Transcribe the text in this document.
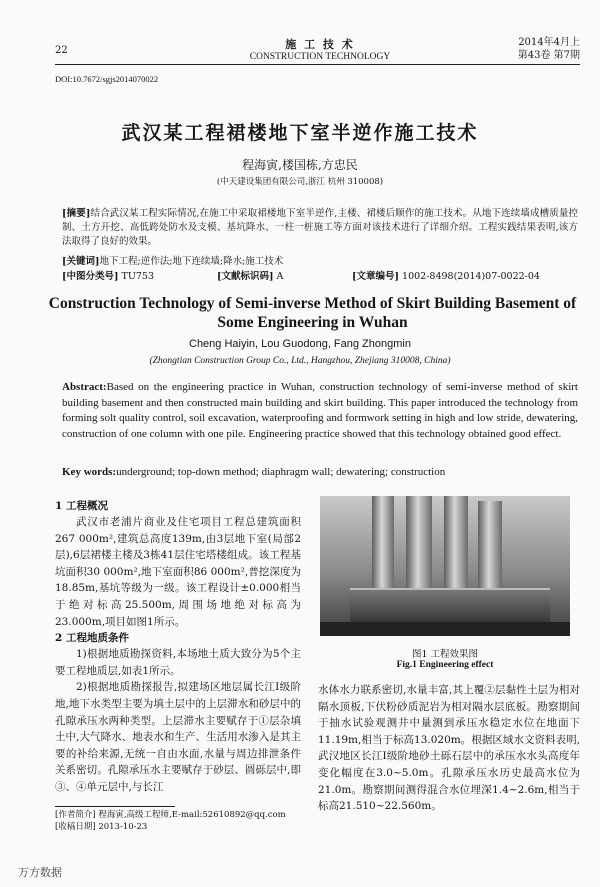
22	施 工 技 术
CONSTRUCTION TECHNOLOGY
2014年4月上
第43卷 第7期
DOI:10.7672/sgjs2014070022
武汉某工程裙楼地下室半逆作施工技术
程海寅,楼国栋,方忠民
(中天建设集团有限公司,浙江 杭州 310008)
[摘要]结合武汉某工程实际情况,在施工中采取裙楼地下室半逆作,主楼、裙楼后顺作的施工技术。从地下连续墙成槽质量控制、土方开挖、高低跨处防水及支模、基坑降水、一柱一桩施工等方面对该技术进行了详细介绍。工程实践结果表明,该方法取得了良好的效果。
[关键词]地下工程;逆作法;地下连续墙;降水;施工技术
[中图分类号] TU753	[文献标识码] A	[文章编号] 1002-8498(2014)07-0022-04
Construction Technology of Semi-inverse Method of Skirt Building Basement of Some Engineering in Wuhan
Cheng Haiyin, Lou Guodong, Fang Zhongmin
(Zhongtian Construction Group Co., Ltd., Hangzhou, Zhejiang 310008, China)
Abstract:Based on the engineering practice in Wuhan, construction technology of semi-inverse method of skirt building basement and then constructed main building and skirt building. This paper introduced the technology from forming solt quality control, soil excavation, waterproofing and formwork setting in high and low stride, dewatering, construction of one column with one pile. Engineering practice showed that this technology obtained good effect.
Key words:underground; top-down method; diaphragm wall; dewatering; construction
1 工程概况
武汉市老浦片商业及住宅项目工程总建筑面积267 000m²,建筑总高度139m,由3层地下室(局部2层),6层裙楼主楼及3栋41层住宅塔楼组成。该工程基坑面积30 000m²,地下室面积86 000m²,普挖深度为18.85m,基坑等级为一级。该工程设计±0.000相当于绝对标高25.500m,周围场地绝对标高为23.000m,项目如图1所示。
2 工程地质条件
1)根据地质勘探资料,本场地土质大致分为5个主要工程地质层,如表1所示。
2)根据地质勘探报告,拟建场区地层属长江Ⅰ级阶地,地下水类型主要为填土层中的上层滞水和砂层中的孔隙承压水两种类型。上层滞水主要赋存于①层杂填土中,大气降水、地表水和生产、生活用水渗入是其主要的补给来源,无统一自由水面,水量与周边排泄条件关系密切。孔隙承压水主要赋存于砂层、圆砾层中,即③、④单元层中,与长江
图1 工程效果图
Fig.1 Engineering effect
水体水力联系密切,水量丰富,其上覆②层黏性土层为相对隔水顶板,下伏粉砂质泥岩为相对隔水层底板。勘察期间于抽水试验观测井中量测到承压水稳定水位在地面下11.19m,相当于标高13.020m。根据区域水文资料表明,武汉地区长江Ⅰ级阶地砂土砾石层中的承压水水头高度年变化幅度在3.0~5.0m。孔隙承压水历史最高水位为21.0m。勘察期间测得混合水位埋深1.4~2.6m,相当于标高21.510~22.560m。
[作者简介] 程海寅,高级工程师,E-mail:52610892@qq.com
[收稿日期] 2013-10-23
万方数据
